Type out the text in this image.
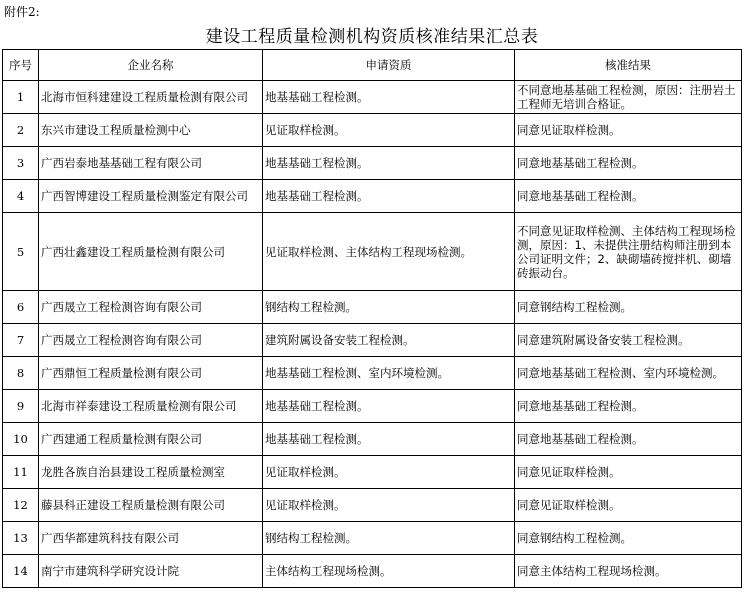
附件2:
建设工程质量检测机构资质核准结果汇总表
序号	企业名称	申请资质	核准结果
1	北海市恒科建建设工程质量检测有限公司	地基基础工程检测。	不同意地基基础工程检测，原因：注册岩土工程师无培训合格证。
2	东兴市建设工程质量检测中心	见证取样检测。	同意见证取样检测。
3	广西岩泰地基基础工程有限公司	地基基础工程检测。	同意地基基础工程检测。
4	广西智博建设工程质量检测鉴定有限公司	地基基础工程检测。	同意地基基础工程检测。
5	广西壮鑫建设工程质量检测有限公司	见证取样检测、主体结构工程现场检测。	不同意见证取样检测、主体结构工程现场检测，原因：1、未提供注册结构师注册到本公司证明文件；2、缺砌墙砖搅拌机、砌墙砖振动台。
6	广西晟立工程检测咨询有限公司	钢结构工程检测。	同意钢结构工程检测。
7	广西晟立工程检测咨询有限公司	建筑附属设备安装工程检测。	同意建筑附属设备安装工程检测。
8	广西鼎恒工程质量检测有限公司	地基基础工程检测、室内环境检测。	同意地基基础工程检测、室内环境检测。
9	北海市祥泰建设工程质量检测有限公司	地基基础工程检测。	同意地基基础工程检测。
10	广西建通工程质量检测有限公司	地基基础工程检测。	同意地基基础工程检测。
11	龙胜各族自治县建设工程质量检测室	见证取样检测。	同意见证取样检测。
12	藤县科正建设工程质量检测有限公司	见证取样检测。	同意见证取样检测。
13	广西华都建筑科技有限公司	钢结构工程检测。	同意钢结构工程检测。
14	南宁市建筑科学研究设计院	主体结构工程现场检测。	同意主体结构工程现场检测。
